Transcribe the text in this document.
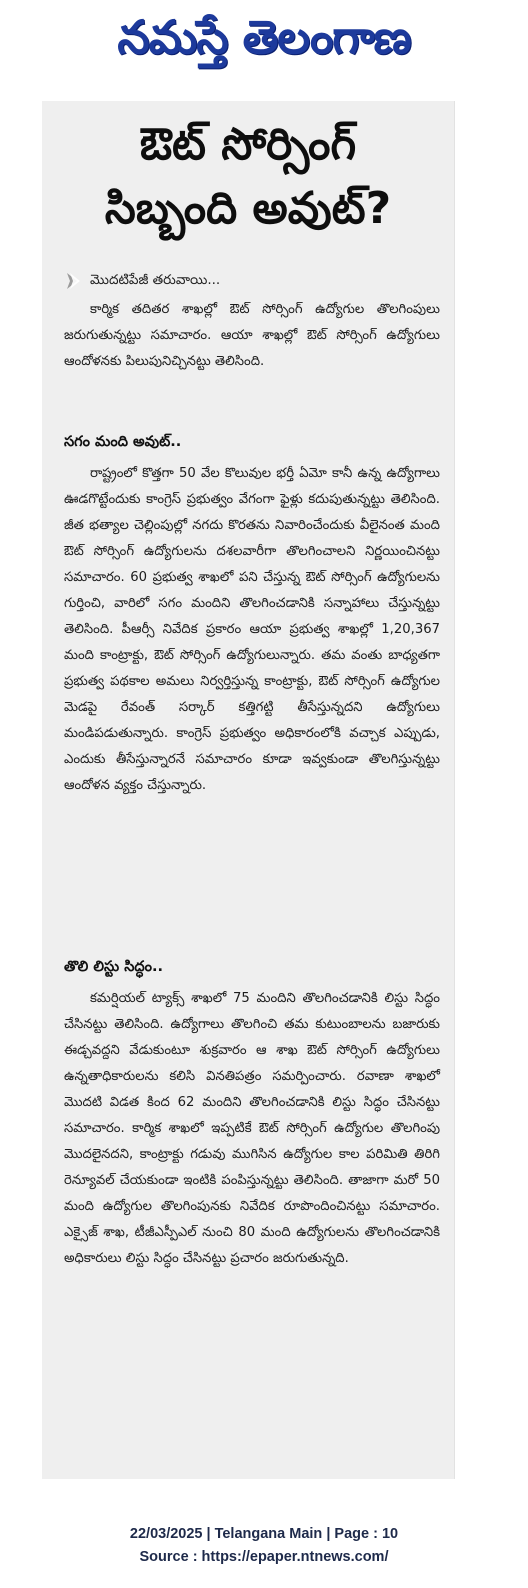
నమస్తే తెలంగాణ
ఔట్ సోర్సింగ్
సిబ్బంది అవుట్?
మొదటిపేజీ తరువాయి...

కార్మిక తదితర శాఖల్లో ఔట్ సోర్సింగ్ ఉద్యోగుల తొలగింపులు జరుగుతున్నట్టు సమాచారం. ఆయా శాఖల్లో ఔట్ సోర్సింగ్ ఉద్యోగులు ఆందోళనకు పిలుపునిచ్చినట్టు తెలిసింది.

సగం మంది అవుట్..

రాష్ట్రంలో కొత్తగా 50 వేల కొలువుల భర్తీ ఏమో కానీ ఉన్న ఉద్యోగాలు ఊడగొట్టేందుకు కాంగ్రెస్ ప్రభుత్వం వేగంగా ఫైళ్లు కదుపుతున్నట్టు తెలిసింది. జీత భత్యాల చెల్లింపుల్లో నగదు కొరతను నివారించేందుకు వీలైనంత మంది ఔట్ సోర్సింగ్ ఉద్యోగులను దశలవారీగా తొలగించాలని నిర్ణయించినట్టు సమాచారం. 60 ప్రభుత్వ శాఖలో పని చేస్తున్న ఔట్ సోర్సింగ్ ఉద్యోగులను గుర్తించి, వారిలో సగం మందిని తొలగించడానికి సన్నాహాలు చేస్తున్నట్టు తెలిసింది. పీఆర్సీ నివేదిక ప్రకారం ఆయా ప్రభుత్వ శాఖల్లో 1,20,367 మంది కాంట్రాక్టు, ఔట్ సోర్సింగ్ ఉద్యోగులున్నారు. తమ వంతు బాధ్యతగా ప్రభుత్వ పథకాల అమలు నిర్వర్తిస్తున్న కాంట్రాక్టు, ఔట్ సోర్సింగ్ ఉద్యోగుల మెడపై రేవంత్ సర్కార్ కత్తిగట్టి తీసేస్తున్నదని ఉద్యోగులు మండిపడుతున్నారు. కాంగ్రెస్ ప్రభుత్వం అధికారంలోకి వచ్చాక ఎప్పుడు, ఎందుకు తీసేస్తున్నారనే సమాచారం కూడా ఇవ్వకుండా తొలగిస్తున్నట్టు ఆందోళన వ్యక్తం చేస్తున్నారు.

తొలి లిస్టు సిద్ధం..

కమర్షియల్ ట్యాక్స్ శాఖలో 75 మందిని తొలగించడానికి లిస్టు సిద్ధం చేసినట్టు తెలిసింది. ఉద్యోగాలు తొలగించి తమ కుటుంబాలను బజారుకు ఈడ్చవద్దని వేడుకుంటూ శుక్రవారం ఆ శాఖ ఔట్ సోర్సింగ్ ఉద్యోగులు ఉన్నతాధికారులను కలిసి వినతిపత్రం సమర్పించారు. రవాణా శాఖలో మొదటి విడత కింద 62 మందిని తొలగించడానికి లిస్టు సిద్ధం చేసినట్టు సమాచారం. కార్మిక శాఖలో ఇప్పటికే ఔట్ సోర్సింగ్ ఉద్యోగుల తొలగింపు మొదలైనదని, కాంట్రాక్టు గడువు ముగిసిన ఉద్యోగుల కాల పరిమితి తిరిగి రెన్యూవల్ చేయకుండా ఇంటికి పంపిస్తున్నట్టు తెలిసింది. తాజాగా మరో 50 మంది ఉద్యోగుల తొలగింపునకు నివేదిక రూపొందించినట్టు సమాచారం. ఎక్సైజ్ శాఖ, టీజీఎస్పీఎల్ నుంచి 80 మంది ఉద్యోగులను తొలగించడానికి అధికారులు లిస్టు సిద్ధం చేసినట్టు ప్రచారం జరుగుతున్నది.

22/03/2025 | Telangana Main | Page : 10
Source : https://epaper.ntnews.com/
